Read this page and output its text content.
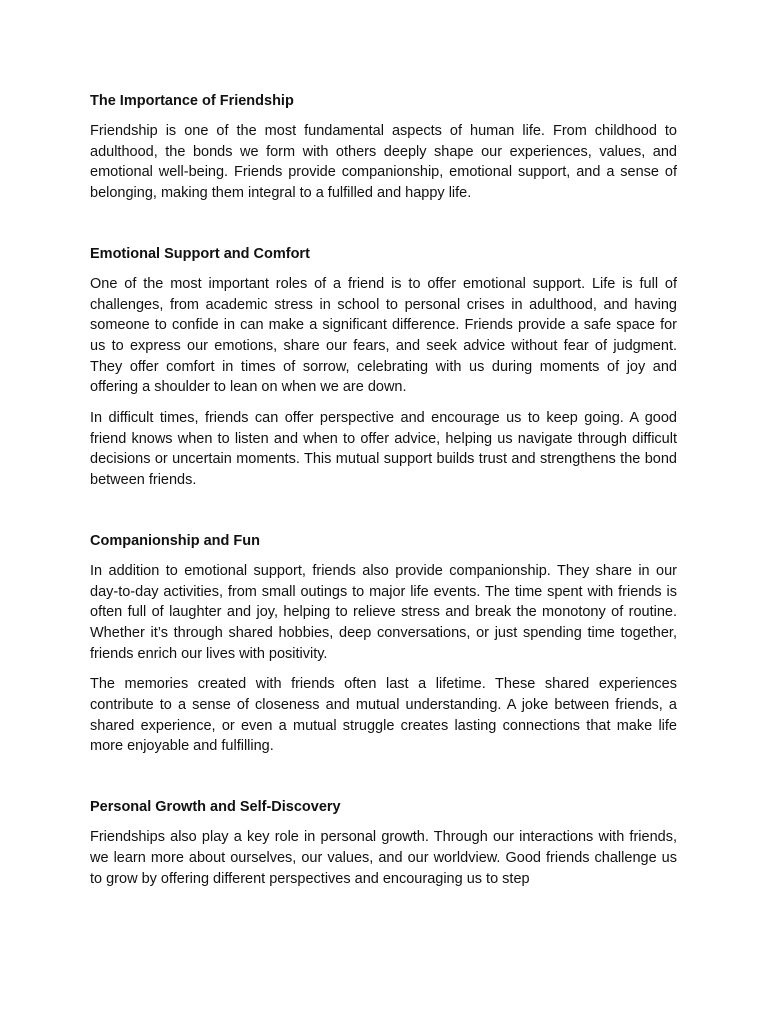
The Importance of Friendship

Friendship is one of the most fundamental aspects of human life. From childhood to adulthood, the bonds we form with others deeply shape our experiences, values, and emotional well-being. Friends provide companionship, emotional support, and a sense of belonging, making them integral to a fulfilled and happy life.

Emotional Support and Comfort

One of the most important roles of a friend is to offer emotional support. Life is full of challenges, from academic stress in school to personal crises in adulthood, and having someone to confide in can make a significant difference. Friends provide a safe space for us to express our emotions, share our fears, and seek advice without fear of judgment. They offer comfort in times of sorrow, celebrating with us during moments of joy and offering a shoulder to lean on when we are down.

In difficult times, friends can offer perspective and encourage us to keep going. A good friend knows when to listen and when to offer advice, helping us navigate through difficult decisions or uncertain moments. This mutual support builds trust and strengthens the bond between friends.

Companionship and Fun

In addition to emotional support, friends also provide companionship. They share in our day-to-day activities, from small outings to major life events. The time spent with friends is often full of laughter and joy, helping to relieve stress and break the monotony of routine. Whether it’s through shared hobbies, deep conversations, or just spending time together, friends enrich our lives with positivity.

The memories created with friends often last a lifetime. These shared experiences contribute to a sense of closeness and mutual understanding. A joke between friends, a shared experience, or even a mutual struggle creates lasting connections that make life more enjoyable and fulfilling.

Personal Growth and Self-Discovery

Friendships also play a key role in personal growth. Through our interactions with friends, we learn more about ourselves, our values, and our worldview. Good friends challenge us to grow by offering different perspectives and encouraging us to step
